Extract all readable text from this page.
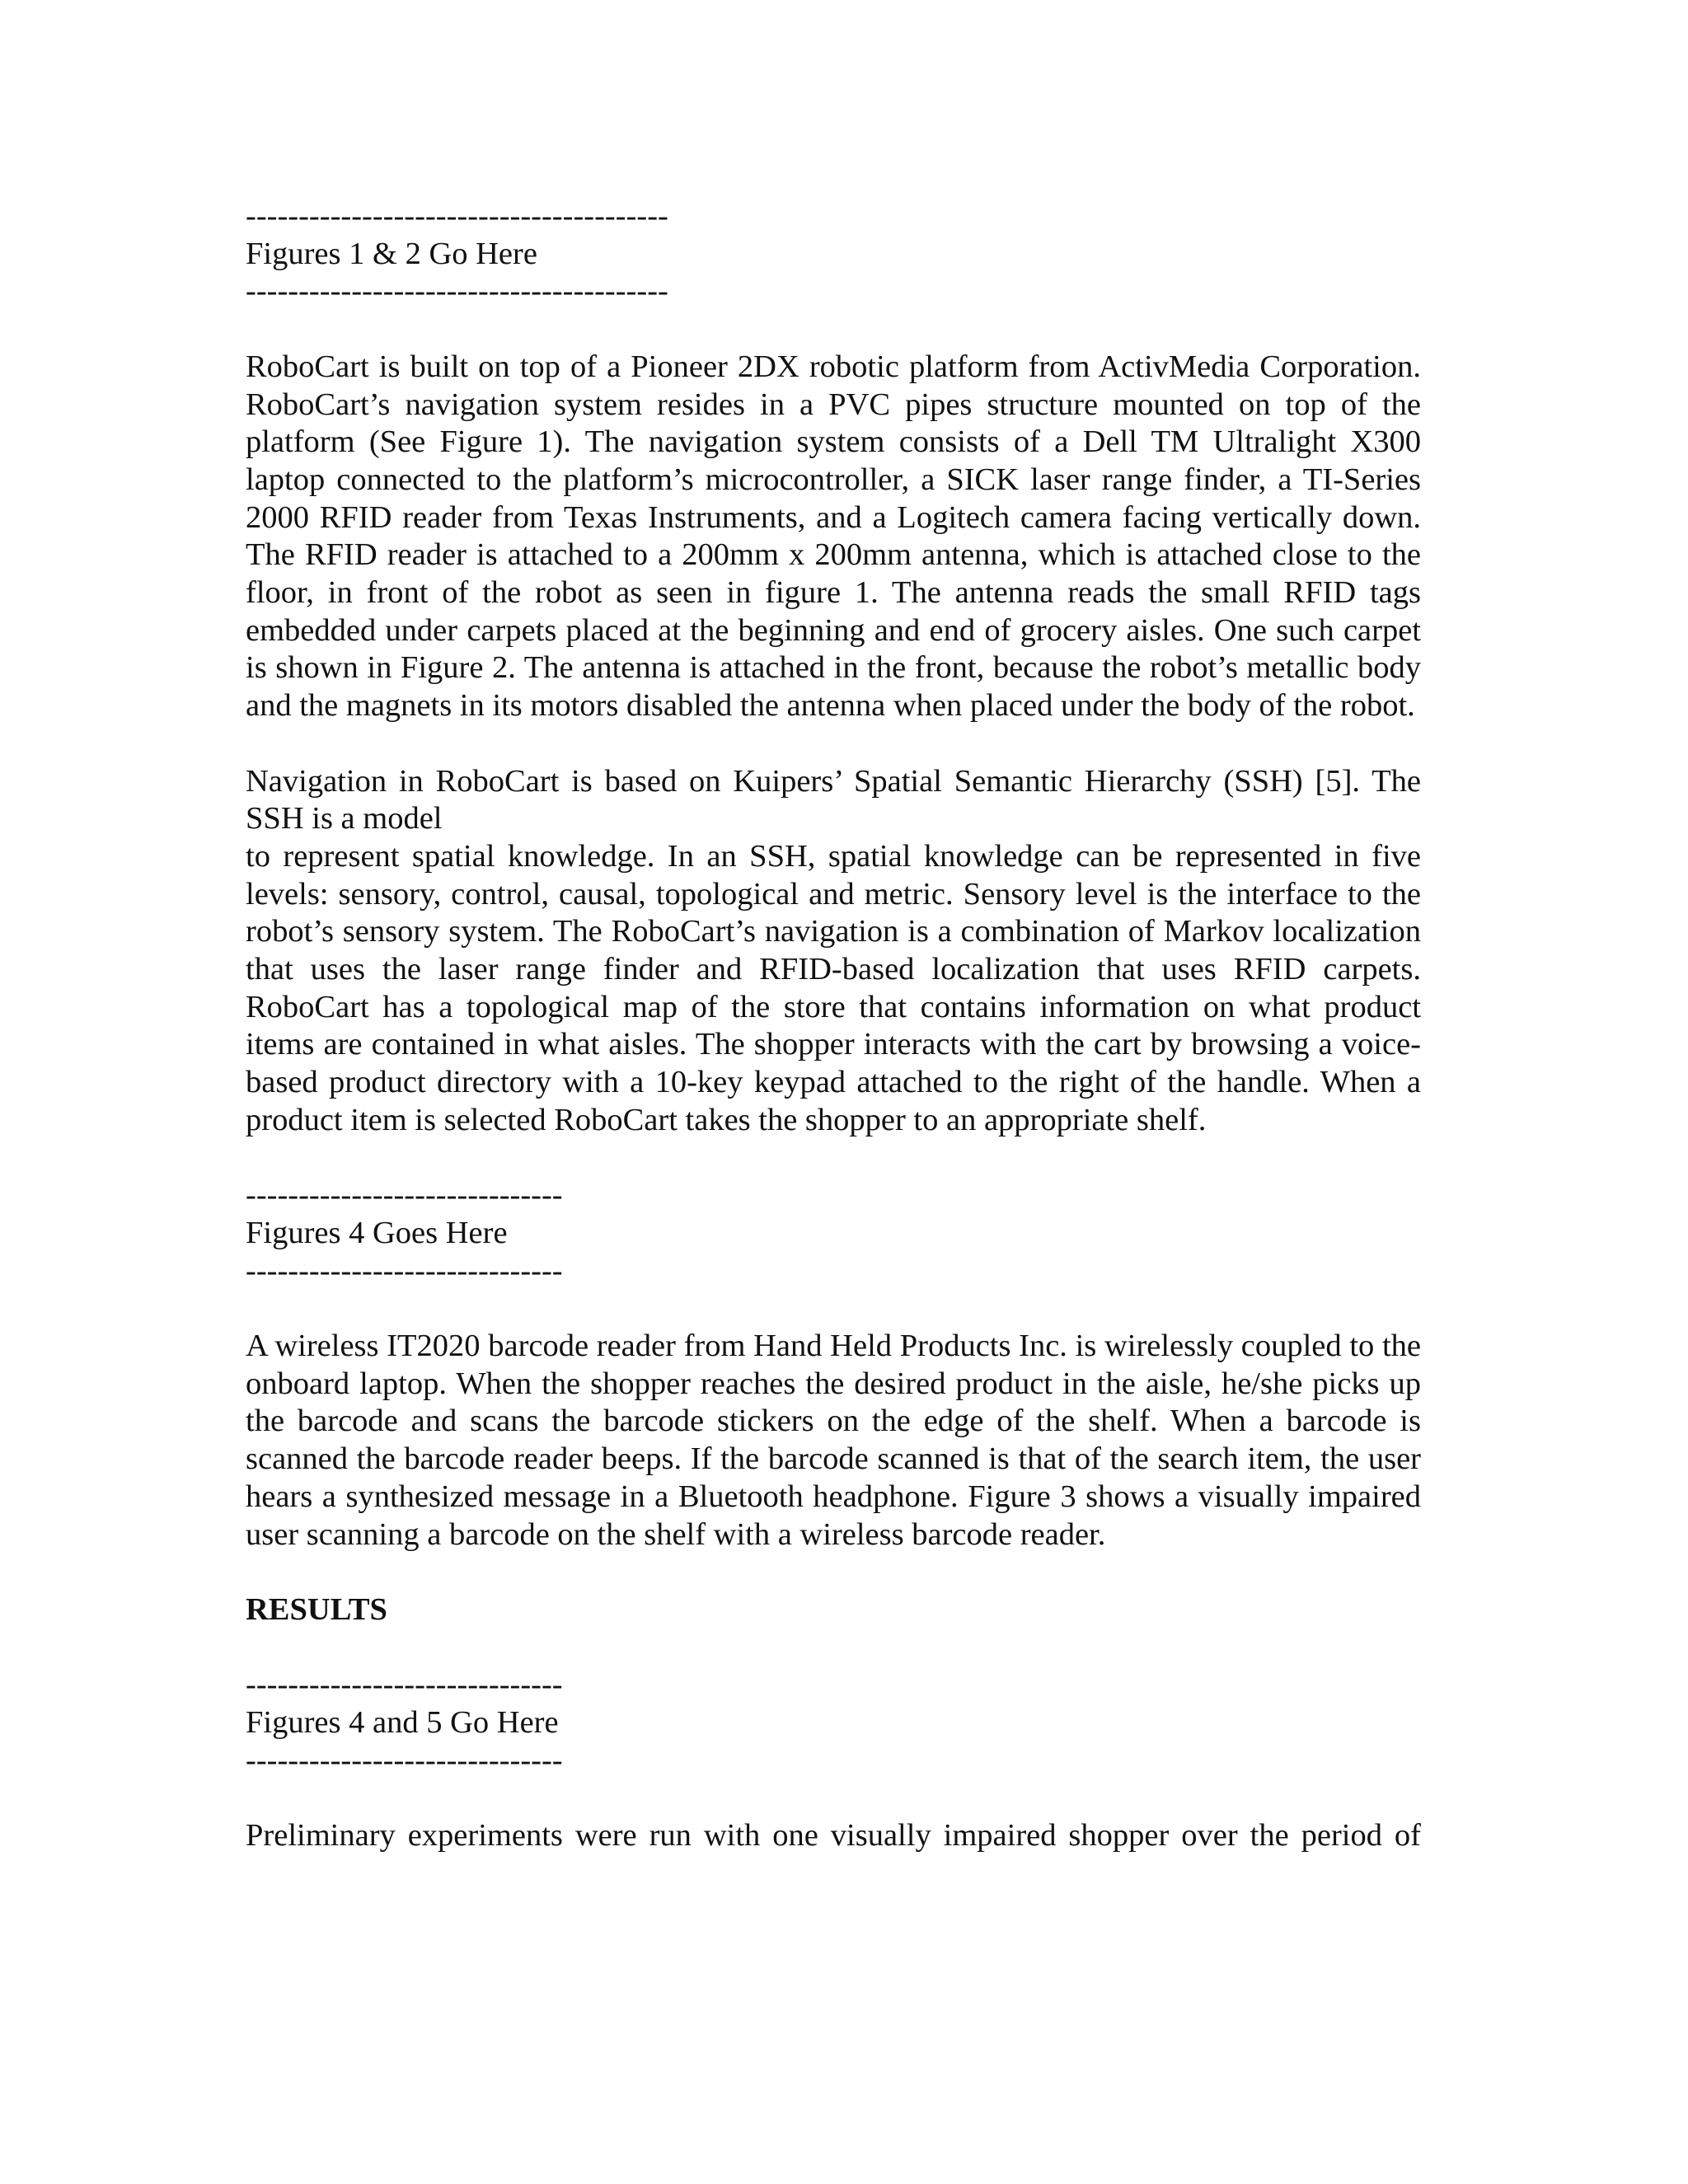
----------------------------------------
Figures 1 & 2 Go Here
----------------------------------------

RoboCart is built on top of a Pioneer 2DX robotic platform from ActivMedia Corporation. RoboCart’s navigation system resides in a PVC pipes structure mounted on top of the platform (See Figure 1). The navigation system consists of a Dell TM Ultralight X300 laptop connected to the platform’s microcontroller, a SICK laser range finder, a TI-Series 2000 RFID reader from Texas Instruments, and a Logitech camera facing vertically down. The RFID reader is attached to a 200mm x 200mm antenna, which is attached close to the floor, in front of the robot as seen in figure 1. The antenna reads the small RFID tags embedded under carpets placed at the beginning and end of grocery aisles. One such carpet is shown in Figure 2. The antenna is attached in the front, because the robot’s metallic body and the magnets in its motors disabled the antenna when placed under the body of the robot.

Navigation in RoboCart is based on Kuipers’ Spatial Semantic Hierarchy (SSH) [5]. The
SSH is a model

to represent spatial knowledge. In an SSH, spatial knowledge can be represented in five levels: sensory, control, causal, topological and metric. Sensory level is the interface to the robot’s sensory system. The RoboCart’s navigation is a combination of Markov localization that uses the laser range finder and RFID-based localization that uses RFID carpets. RoboCart has a topological map of the store that contains information on what product items are contained in what aisles. The shopper interacts with the cart by browsing a voice-based product directory with a 10-key keypad attached to the right of the handle. When a product item is selected RoboCart takes the shopper to an appropriate shelf.

------------------------------
Figures 4 Goes Here
------------------------------

A wireless IT2020 barcode reader from Hand Held Products Inc. is wirelessly coupled to the onboard laptop. When the shopper reaches the desired product in the aisle, he/she picks up the barcode and scans the barcode stickers on the edge of the shelf. When a barcode is scanned the barcode reader beeps. If the barcode scanned is that of the search item, the user hears a synthesized message in a Bluetooth headphone. Figure 3 shows a visually impaired user scanning a barcode on the shelf with a wireless barcode reader.

RESULTS

------------------------------
Figures 4 and 5 Go Here
------------------------------
Preliminary experiments were run with one visually impaired shopper over the period of
